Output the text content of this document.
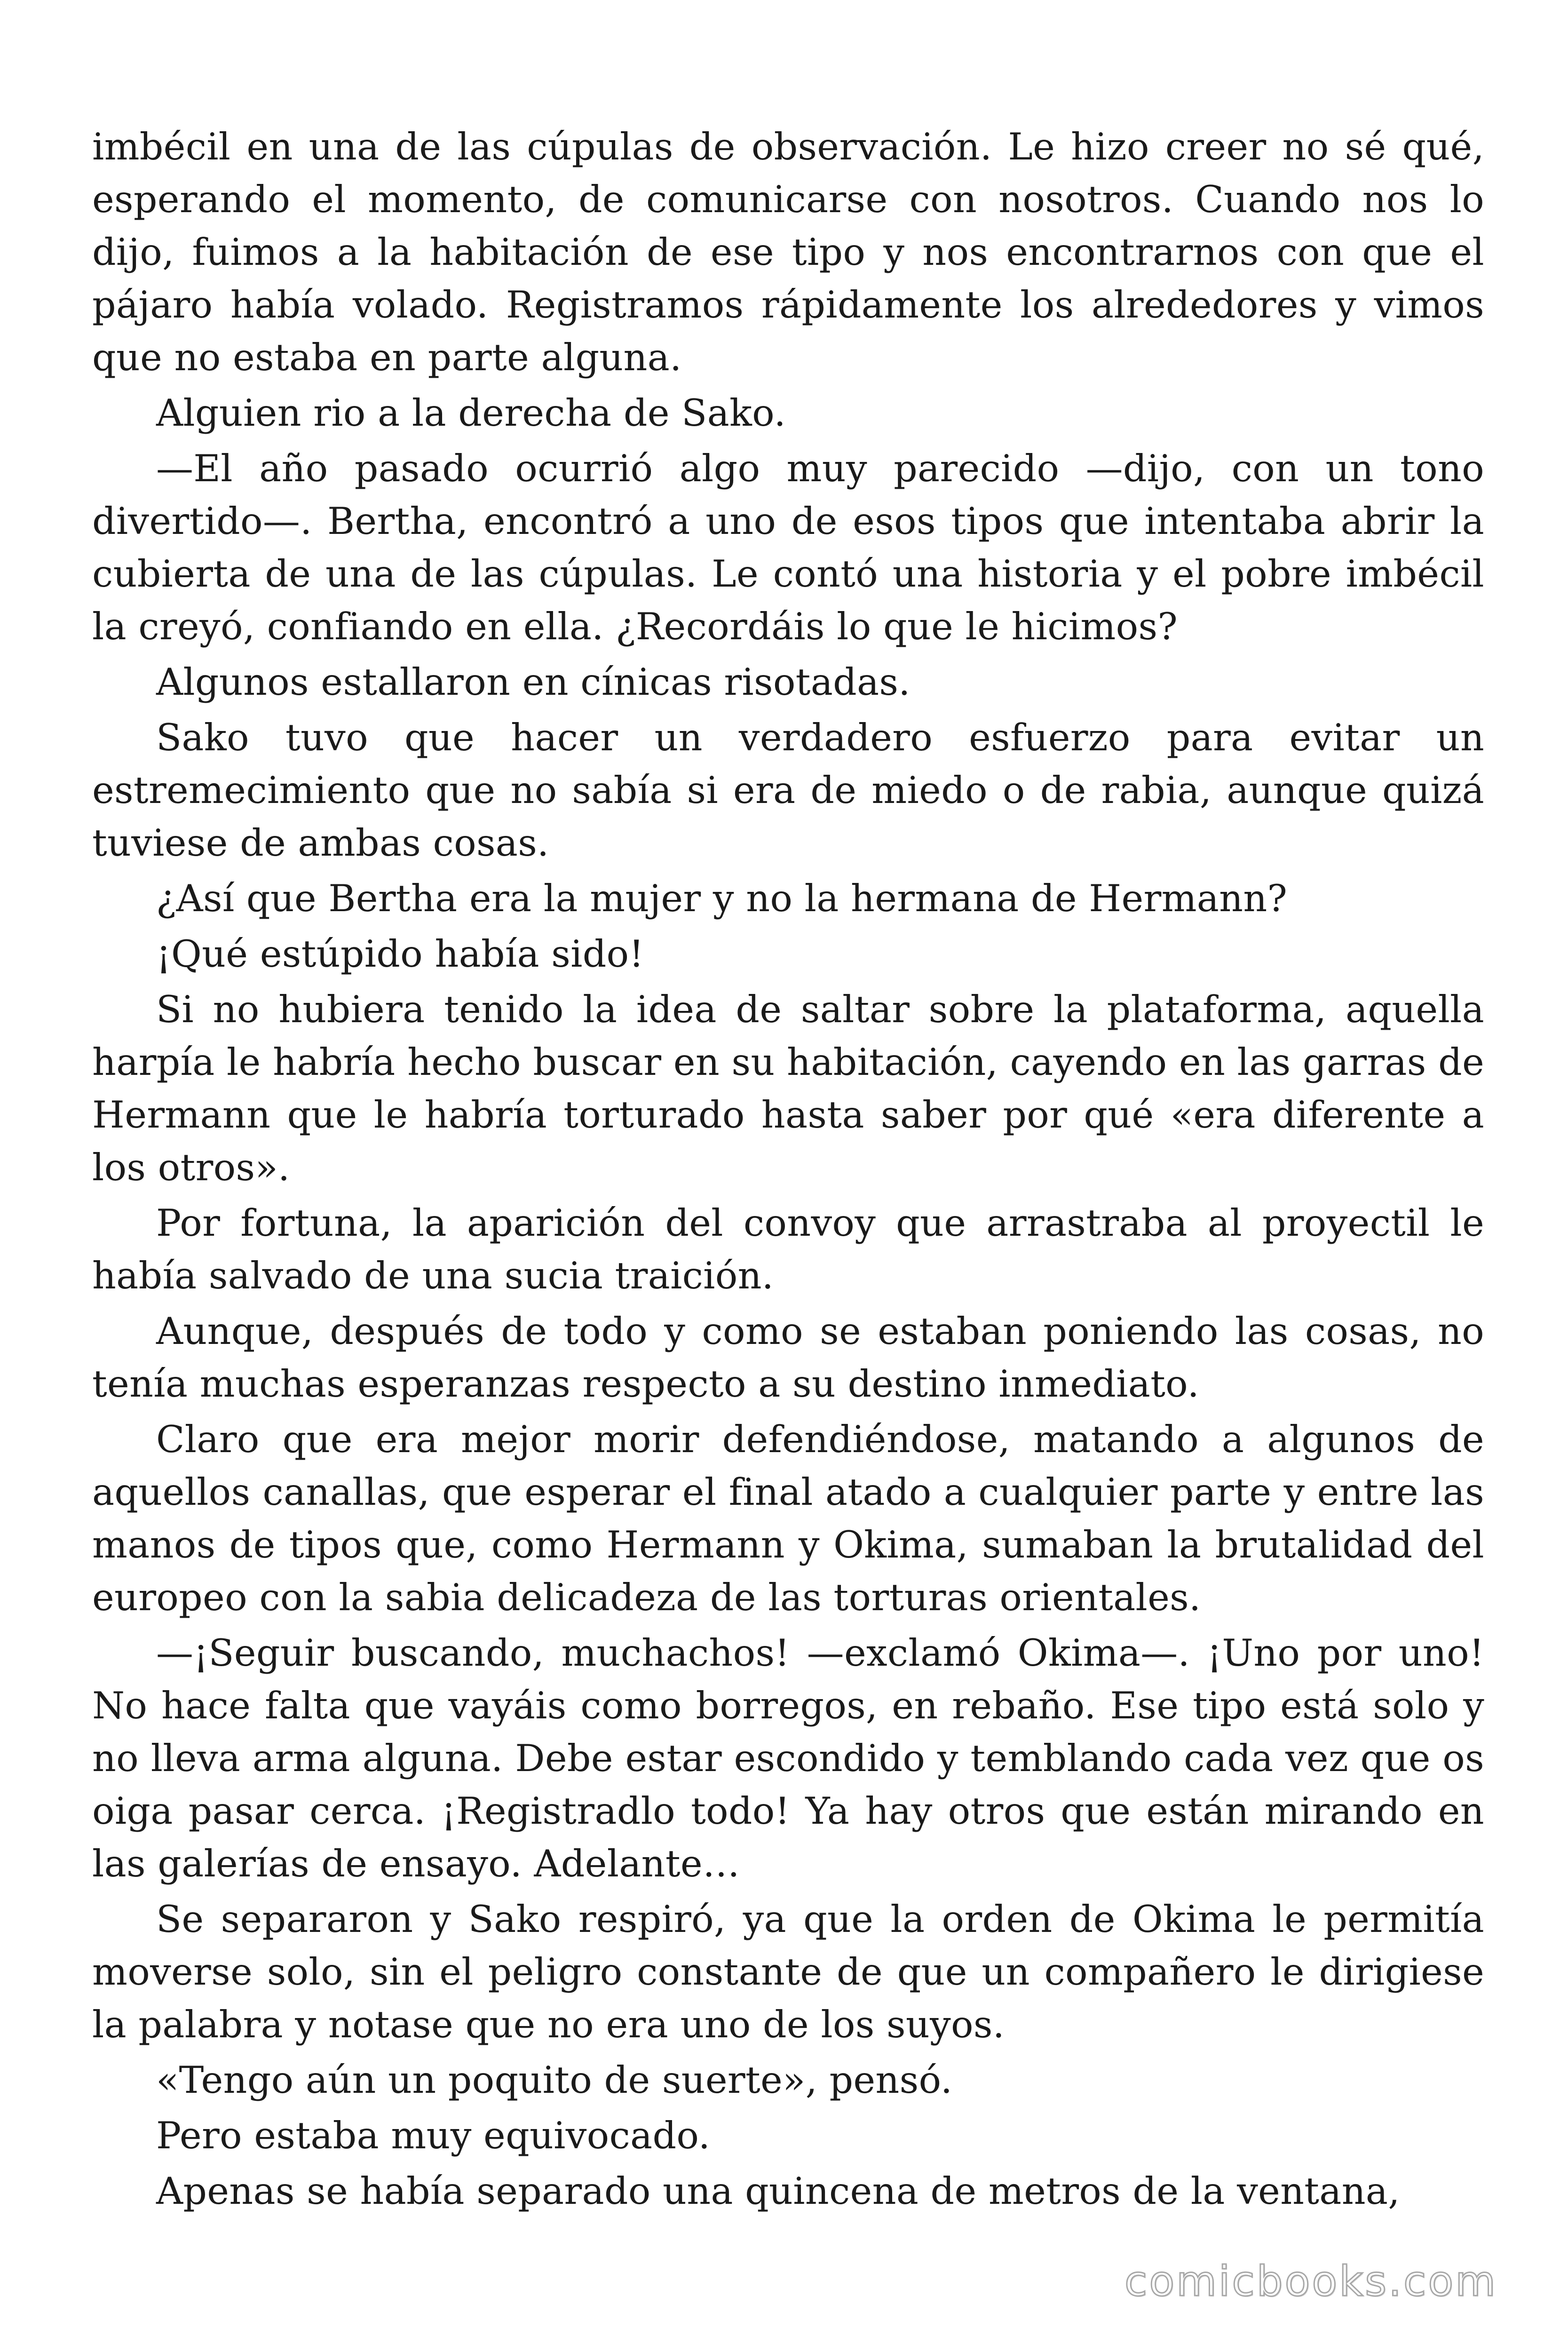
imbécil en una de las cúpulas de observación. Le hizo creer no sé qué, esperando el momento, de comunicarse con nosotros. Cuando nos lo dijo, fuimos a la habitación de ese tipo y nos encontrarnos con que el pájaro había volado. Registramos rápidamente los alrededores y vimos que no estaba en parte alguna.

Alguien rio a la derecha de Sako.

—El año pasado ocurrió algo muy parecido —dijo, con un tono divertido—. Bertha, encontró a uno de esos tipos que intentaba abrir la cubierta de una de las cúpulas. Le contó una historia y el pobre imbécil la creyó, confiando en ella. ¿Recordáis lo que le hicimos?

Algunos estallaron en cínicas risotadas.

Sako tuvo que hacer un verdadero esfuerzo para evitar un estremecimiento que no sabía si era de miedo o de rabia, aunque quizá tuviese de ambas cosas.

¿Así que Bertha era la mujer y no la hermana de Hermann?

¡Qué estúpido había sido!

Si no hubiera tenido la idea de saltar sobre la plataforma, aquella harpía le habría hecho buscar en su habitación, cayendo en las garras de Hermann que le habría torturado hasta saber por qué «era diferente a los otros».

Por fortuna, la aparición del convoy que arrastraba al proyectil le había salvado de una sucia traición.

Aunque, después de todo y como se estaban poniendo las cosas, no tenía muchas esperanzas respecto a su destino inmediato.

Claro que era mejor morir defendiéndose, matando a algunos de aquellos canallas, que esperar el final atado a cualquier parte y entre las manos de tipos que, como Hermann y Okima, sumaban la brutalidad del europeo con la sabia delicadeza de las torturas orientales.

—¡Seguir buscando, muchachos! —exclamó Okima—. ¡Uno por uno! No hace falta que vayáis como borregos, en rebaño. Ese tipo está solo y no lleva arma alguna. Debe estar escondido y temblando cada vez que os oiga pasar cerca. ¡Registradlo todo! Ya hay otros que están mirando en las galerías de ensayo. Adelante…

Se separaron y Sako respiró, ya que la orden de Okima le permitía moverse solo, sin el peligro constante de que un compañero le dirigiese la palabra y notase que no era uno de los suyos.

«Tengo aún un poquito de suerte», pensó.

Pero estaba muy equivocado.

Apenas se había separado una quincena de metros de la ventana,

comicbooks.com
